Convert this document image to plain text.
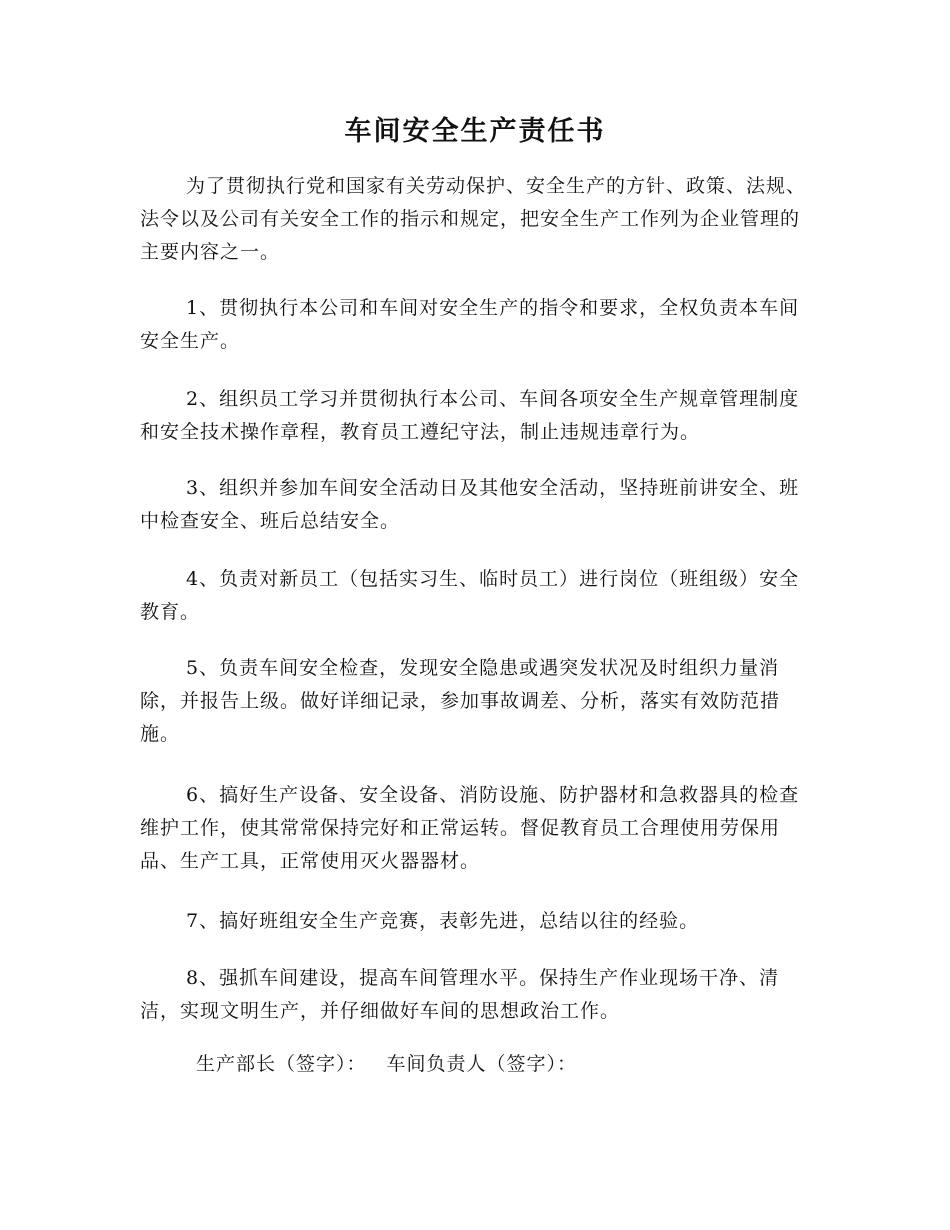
车间安全生产责任书

为了贯彻执行党和国家有关劳动保护、安全生产的方针、政策、法规、法令以及公司有关安全工作的指示和规定，把安全生产工作列为企业管理的主要内容之一。

1、贯彻执行本公司和车间对安全生产的指令和要求，全权负责本车间安全生产。

2、组织员工学习并贯彻执行本公司、车间各项安全生产规章管理制度和安全技术操作章程，教育员工遵纪守法，制止违规违章行为。

3、组织并参加车间安全活动日及其他安全活动，坚持班前讲安全、班中检查安全、班后总结安全。

4、负责对新员工（包括实习生、临时员工）进行岗位（班组级）安全教育。

5、负责车间安全检查，发现安全隐患或遇突发状况及时组织力量消除，并报告上级。做好详细记录，参加事故调差、分析，落实有效防范措施。

6、搞好生产设备、安全设备、消防设施、防护器材和急救器具的检查维护工作，使其常常保持完好和正常运转。督促教育员工合理使用劳保用品、生产工具，正常使用灭火器器材。

7、搞好班组安全生产竞赛，表彰先进，总结以往的经验。

8、强抓车间建设，提高车间管理水平。保持生产作业现场干净、清洁，实现文明生产，并仔细做好车间的思想政治工作。

生产部长（签字）： 车间负责人（签字）：
